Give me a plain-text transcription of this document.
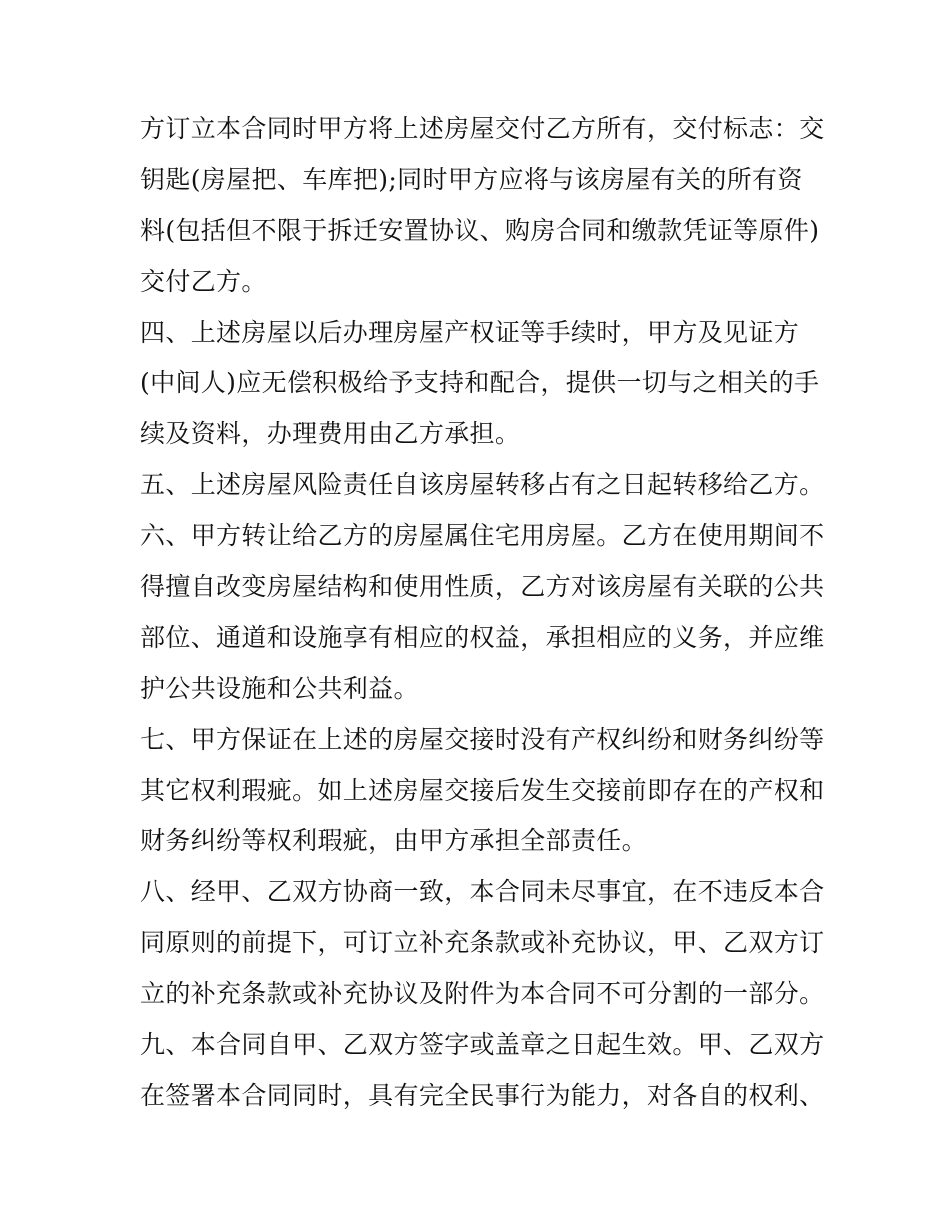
方订立本合同时甲方将上述房屋交付乙方所有，交付标志：交
钥匙(房屋把、车库把);同时甲方应将与该房屋有关的所有资
料(包括但不限于拆迁安置协议、购房合同和缴款凭证等原件)
交付乙方。
四、上述房屋以后办理房屋产权证等手续时，甲方及见证方
(中间人)应无偿积极给予支持和配合，提供一切与之相关的手
续及资料，办理费用由乙方承担。
五、上述房屋风险责任自该房屋转移占有之日起转移给乙方。
六、甲方转让给乙方的房屋属住宅用房屋。乙方在使用期间不
得擅自改变房屋结构和使用性质，乙方对该房屋有关联的公共
部位、通道和设施享有相应的权益，承担相应的义务，并应维
护公共设施和公共利益。
七、甲方保证在上述的房屋交接时没有产权纠纷和财务纠纷等
其它权利瑕疵。如上述房屋交接后发生交接前即存在的产权和
财务纠纷等权利瑕疵，由甲方承担全部责任。
八、经甲、乙双方协商一致，本合同未尽事宜，在不违反本合
同原则的前提下，可订立补充条款或补充协议，甲、乙双方订
立的补充条款或补充协议及附件为本合同不可分割的一部分。
九、本合同自甲、乙双方签字或盖章之日起生效。甲、乙双方
在签署本合同同时，具有完全民事行为能力，对各自的权利、
